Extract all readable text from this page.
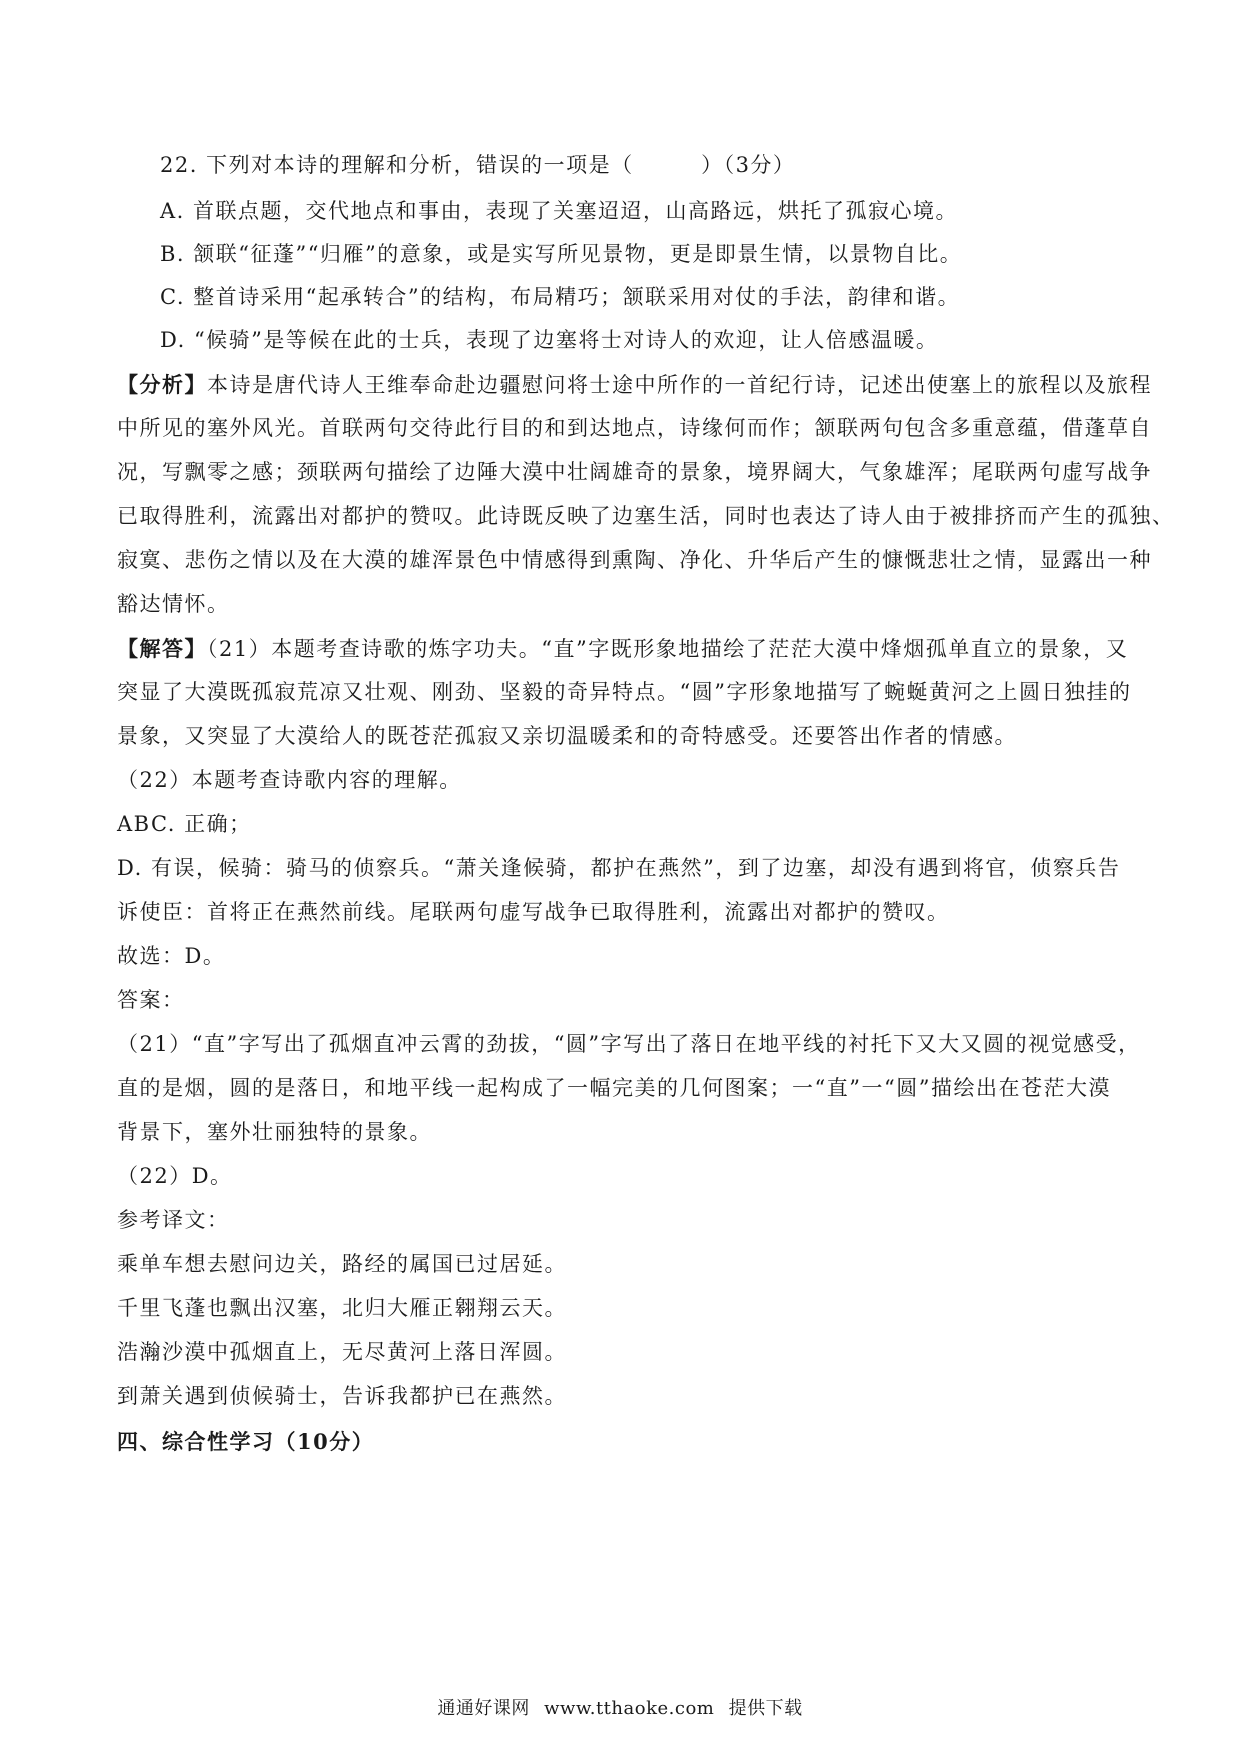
22. 下列对本诗的理解和分析，错误的一项是（　　　）（3分）
A. 首联点题，交代地点和事由，表现了关塞迢迢，山高路远，烘托了孤寂心境。
B. 颔联“征蓬”“归雁”的意象，或是实写所见景物，更是即景生情，以景物自比。
C. 整首诗采用“起承转合”的结构，布局精巧；颔联采用对仗的手法，韵律和谐。
D. “候骑”是等候在此的士兵，表现了边塞将士对诗人的欢迎，让人倍感温暖。
【分析】本诗是唐代诗人王维奉命赴边疆慰问将士途中所作的一首纪行诗，记述出使塞上的旅程以及旅程
中所见的塞外风光。首联两句交待此行目的和到达地点，诗缘何而作；颔联两句包含多重意蕴，借蓬草自
况，写飘零之感；颈联两句描绘了边陲大漠中壮阔雄奇的景象，境界阔大，气象雄浑；尾联两句虚写战争
已取得胜利，流露出对都护的赞叹。此诗既反映了边塞生活，同时也表达了诗人由于被排挤而产生的孤独、
寂寞、悲伤之情以及在大漠的雄浑景色中情感得到熏陶、净化、升华后产生的慷慨悲壮之情，显露出一种
豁达情怀。
【解答】（21）本题考查诗歌的炼字功夫。“直”字既形象地描绘了茫茫大漠中烽烟孤单直立的景象，又
突显了大漠既孤寂荒凉又壮观、刚劲、坚毅的奇异特点。“圆”字形象地描写了蜿蜒黄河之上圆日独挂的
景象，又突显了大漠给人的既苍茫孤寂又亲切温暖柔和的奇特感受。还要答出作者的情感。
（22）本题考查诗歌内容的理解。
ABC. 正确；
D. 有误，候骑：骑马的侦察兵。“萧关逢候骑，都护在燕然”，到了边塞，却没有遇到将官，侦察兵告
诉使臣：首将正在燕然前线。尾联两句虚写战争已取得胜利，流露出对都护的赞叹。
故选：D。
答案：
（21）“直”字写出了孤烟直冲云霄的劲拔，“圆”字写出了落日在地平线的衬托下又大又圆的视觉感受，
直的是烟，圆的是落日，和地平线一起构成了一幅完美的几何图案；一“直”一“圆”描绘出在苍茫大漠
背景下，塞外壮丽独特的景象。
（22）D。
参考译文：
乘单车想去慰问边关，路经的属国已过居延。
千里飞蓬也飘出汉塞，北归大雁正翱翔云天。
浩瀚沙漠中孤烟直上，无尽黄河上落日浑圆。
到萧关遇到侦候骑士，告诉我都护已在燕然。
四、综合性学习（10分）
通通好课网 www.tthaoke.com 提供下载
